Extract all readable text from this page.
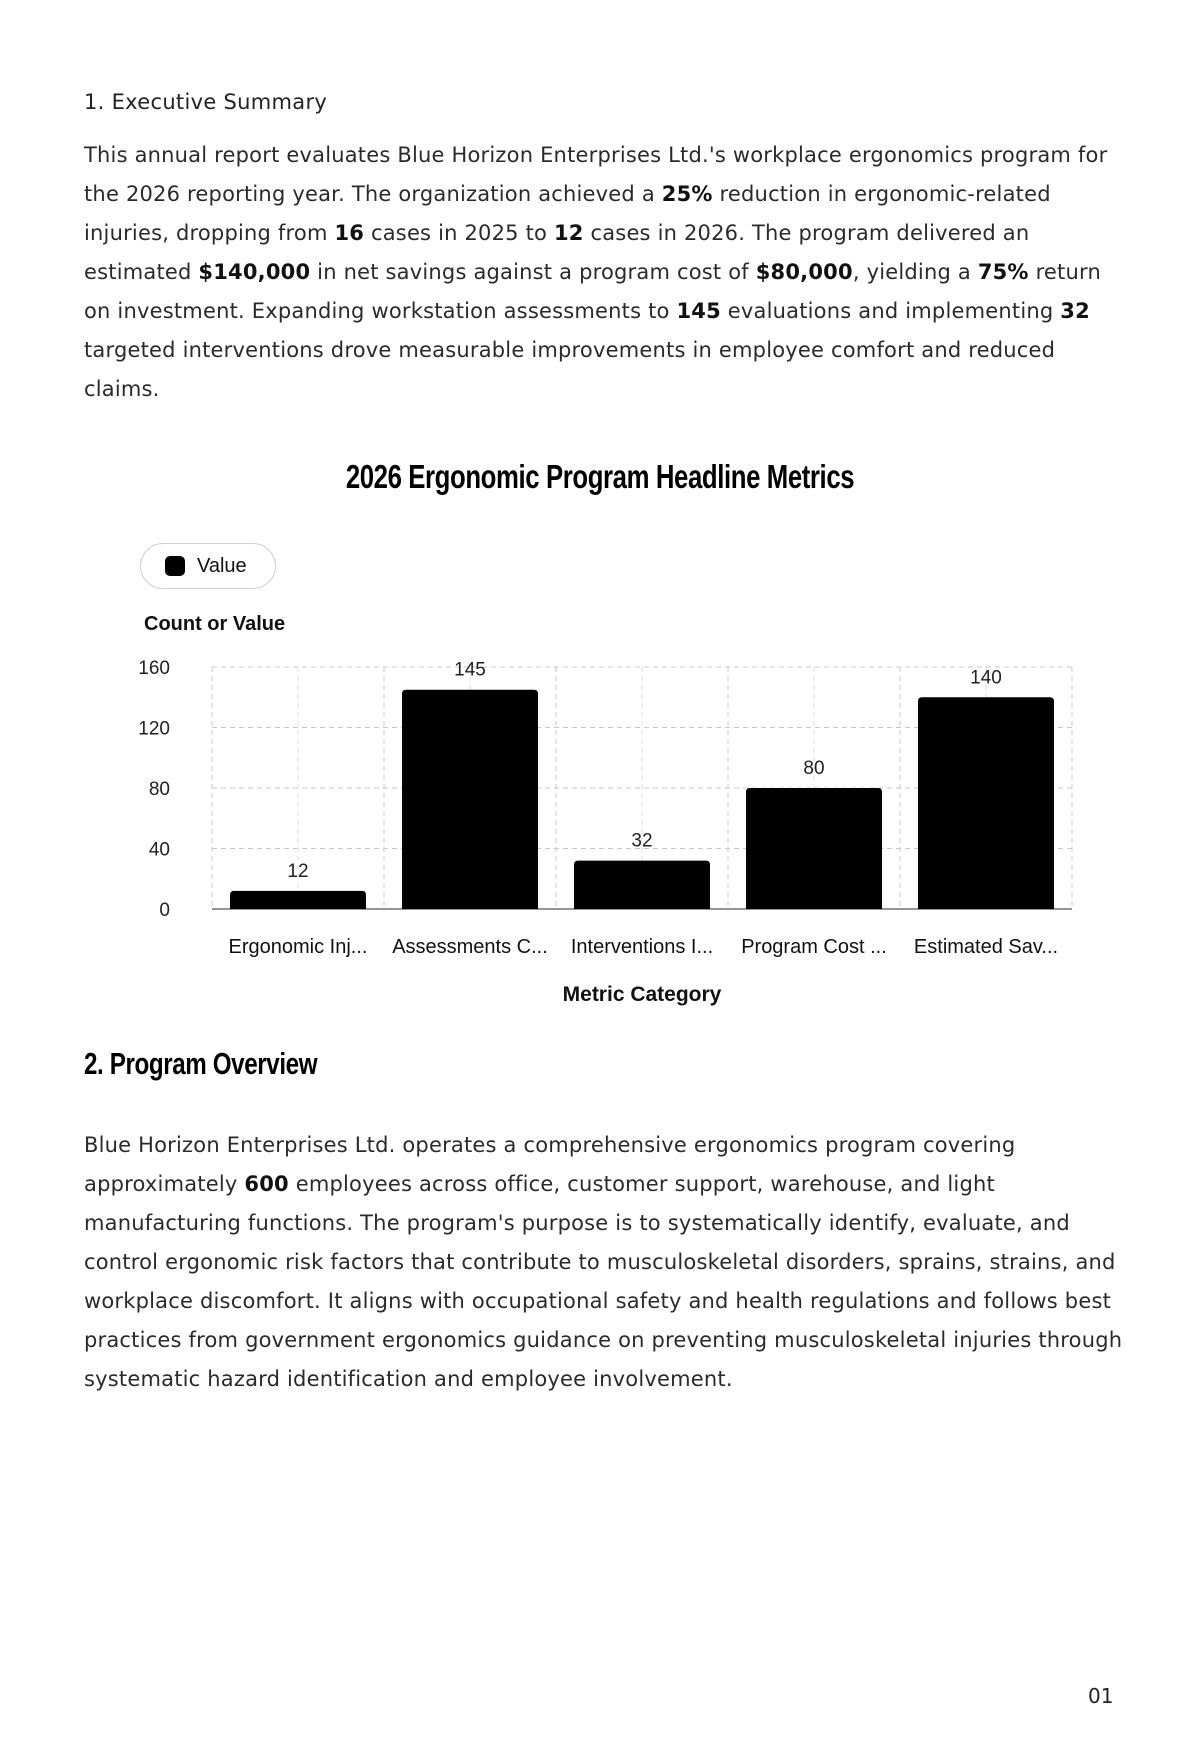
1. Executive Summary

This annual report evaluates Blue Horizon Enterprises Ltd.'s workplace ergonomics program for the 2026 reporting year. The organization achieved a 25% reduction in ergonomic-related injuries, dropping from 16 cases in 2025 to 12 cases in 2026. The program delivered an estimated $140,000 in net savings against a program cost of $80,000, yielding a 75% return on investment. Expanding workstation assessments to 145 evaluations and implementing 32 targeted interventions drove measurable improvements in employee comfort and reduced claims.

2026 Ergonomic Program Headline Metrics
Value
0
40
80
120
160
12
Ergonomic Inj...
145
Assessments C...
32
Interventions I...
80
Program Cost ...
140
Estimated Sav...
Count or Value
Metric Category
2. Program Overview

Blue Horizon Enterprises Ltd. operates a comprehensive ergonomics program covering approximately 600 employees across office, customer support, warehouse, and light manufacturing functions. The program's purpose is to systematically identify, evaluate, and control ergonomic risk factors that contribute to musculoskeletal disorders, sprains, strains, and workplace discomfort. It aligns with occupational safety and health regulations and follows best practices from government ergonomics guidance on preventing musculoskeletal injuries through systematic hazard identification and employee involvement.

01
